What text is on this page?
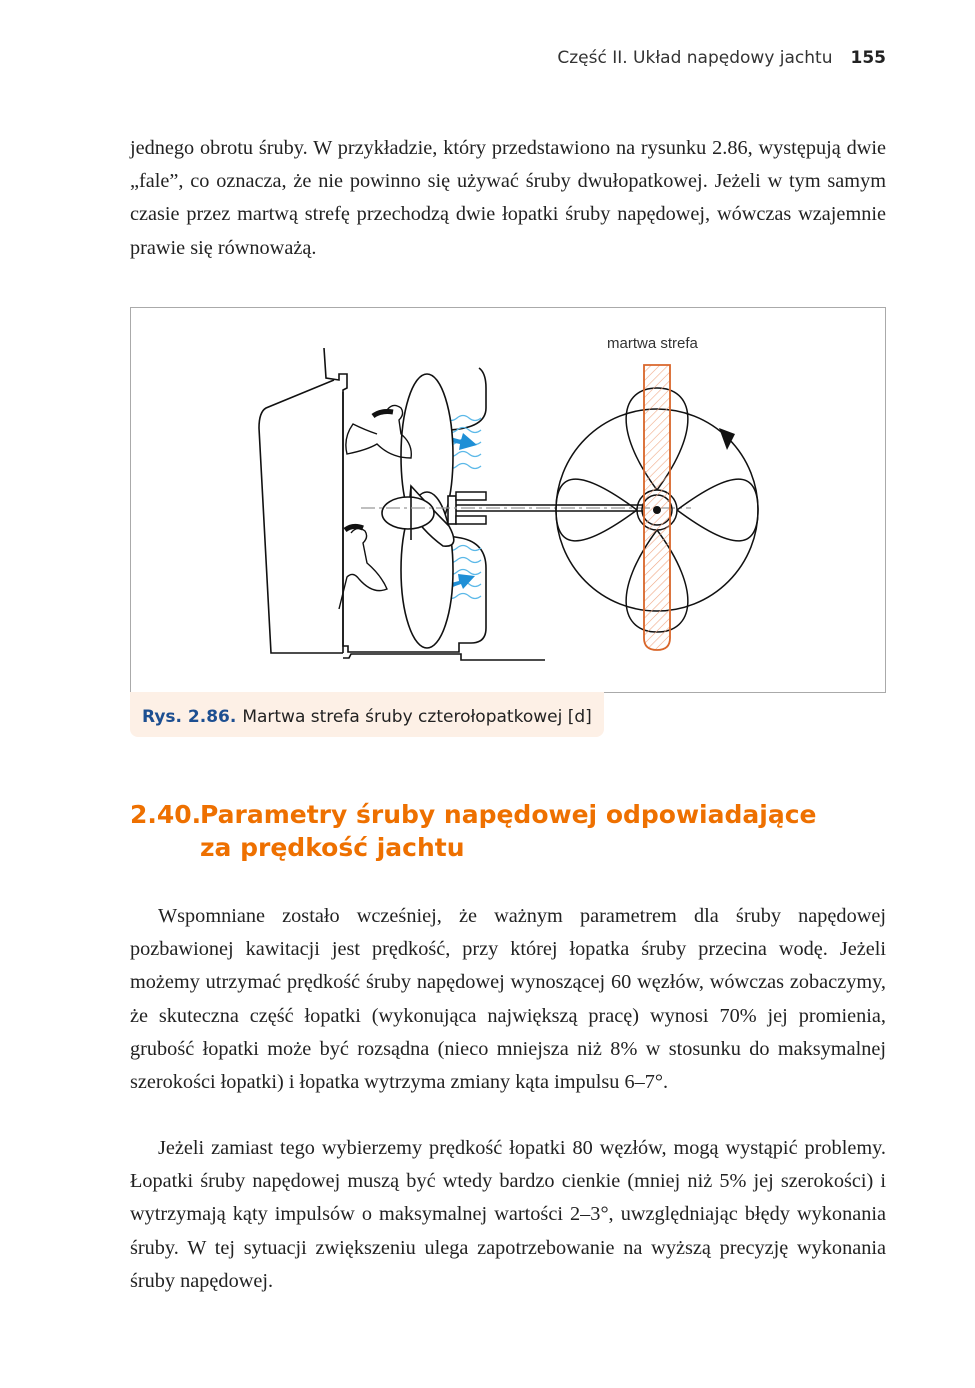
Część II. Układ napędowy jachtu 155

jednego obrotu śruby. W przykładzie, który przedstawiono na rysunku 2.86, występują dwie „fale”, co oznacza, że nie powinno się używać śruby dwułopatkowej. Jeżeli w tym samym czasie przez martwą strefę przechodzą dwie łopatki śruby napędowej, wówczas wzajemnie prawie się równoważą.

martwa strefa
Rys. 2.86. Martwa strefa śruby czterołopatkowej [d]
2.40.Parametry śruby napędowej odpowiadające
za prędkość jachtu

Wspomniane zostało wcześniej, że ważnym parametrem dla śruby napędowej pozbawionej kawitacji jest prędkość, przy której łopatka śruby przecina wodę. Jeżeli możemy utrzymać prędkość śruby napędowej wynoszącej 60 węzłów, wówczas zobaczymy, że skuteczna część łopatki (wykonująca największą pracę) wynosi 70% jej promienia, grubość łopatki może być rozsądna (nieco mniejsza niż 8% w stosunku do maksymalnej szerokości łopatki) i łopatka wytrzyma zmiany kąta impulsu 6–7°.

Jeżeli zamiast tego wybierzemy prędkość łopatki 80 węzłów, mogą wystąpić problemy. Łopatki śruby napędowej muszą być wtedy bardzo cienkie (mniej niż 5% jej szerokości) i wytrzymają kąty impulsów o maksymalnej wartości 2–3°, uwzględniając błędy wykonania śruby. W tej sytuacji zwiększeniu ulega zapotrzebowanie na wyższą precyzję wykonania śruby napędowej.
